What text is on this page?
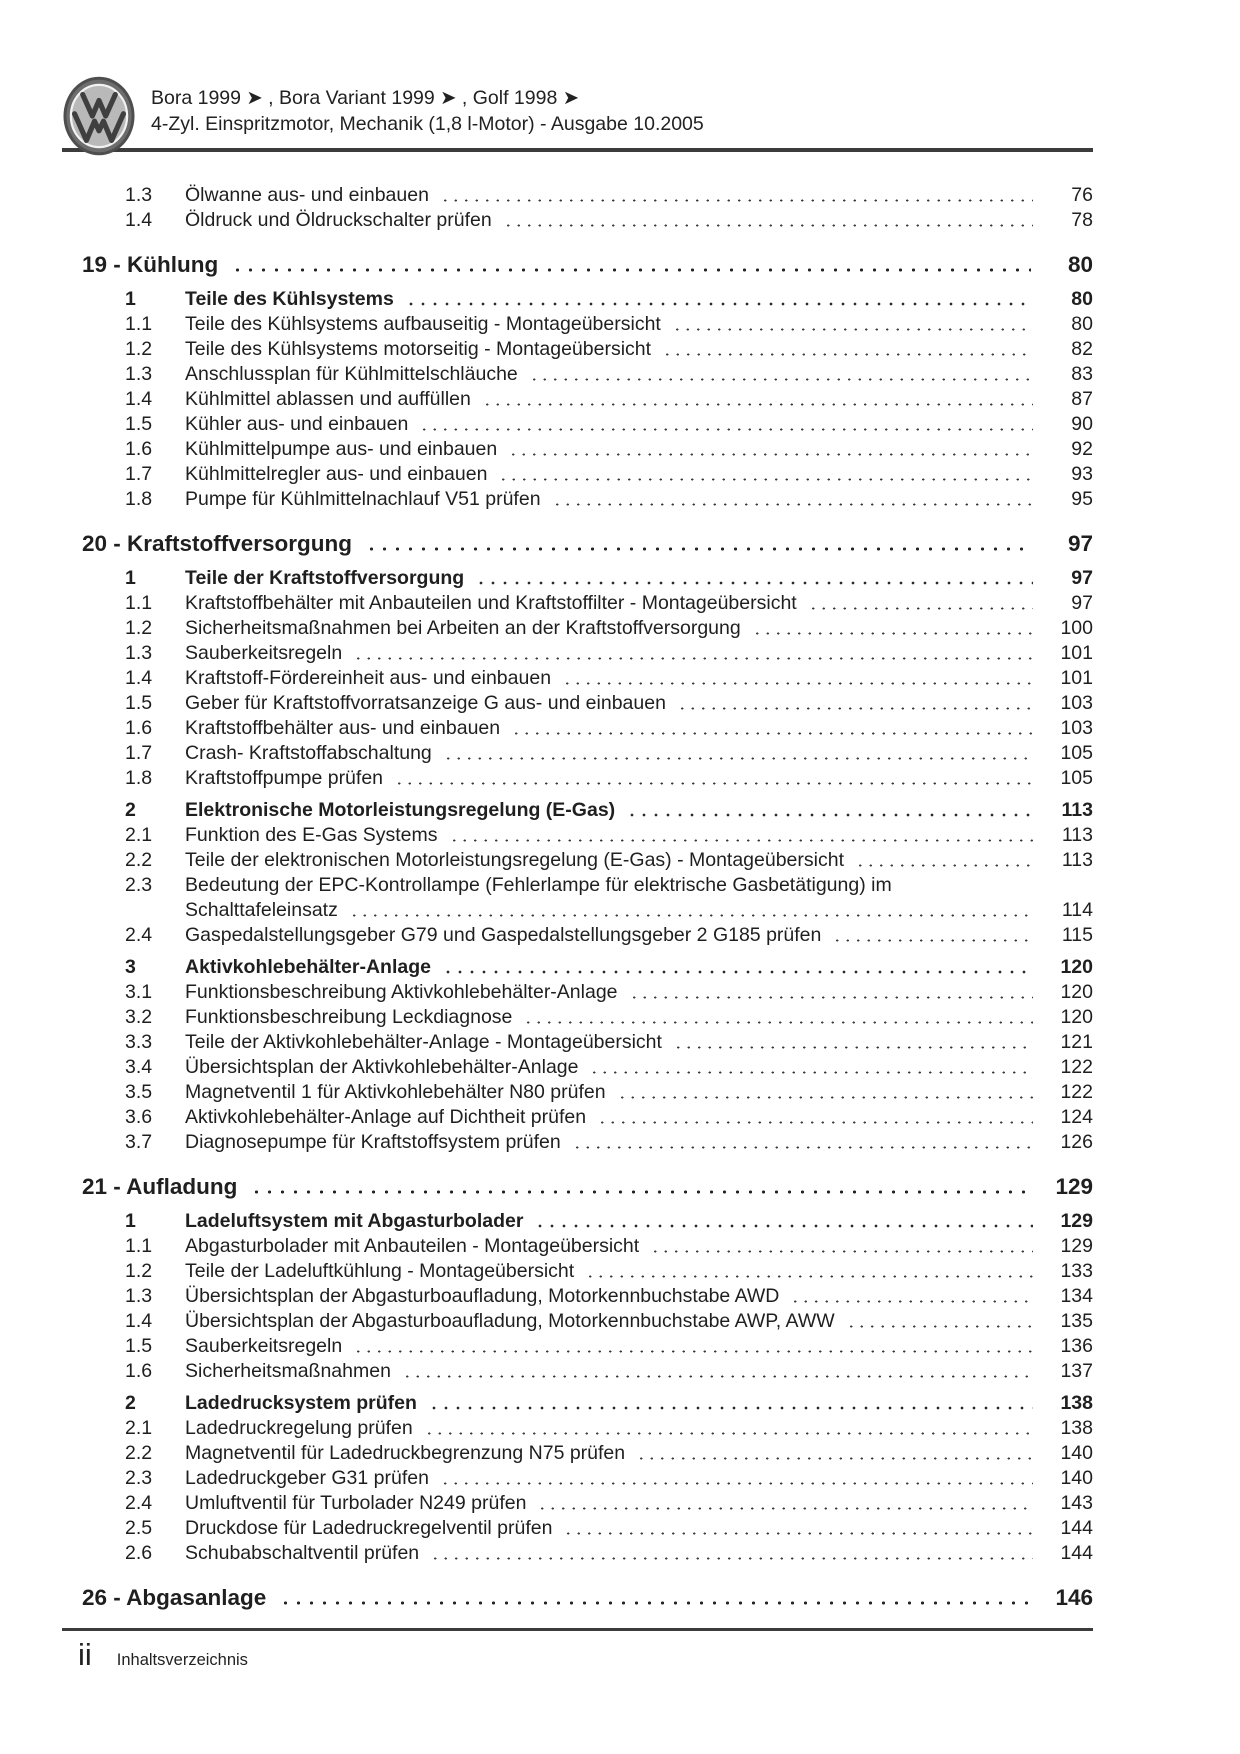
Bora 1999 ➤ , Bora Variant 1999 ➤ , Golf 1998 ➤
4-Zyl. Einspritzmotor, Mechanik (1,8 l-Motor) - Ausgabe 10.2005
1.3	Ölwanne aus- und einbauen	76
1.4	Öldruck und Öldruckschalter prüfen	78
19 - Kühlung	80
1	Teile des Kühlsystems	80
1.1	Teile des Kühlsystems aufbauseitig - Montageübersicht	80
1.2	Teile des Kühlsystems motorseitig - Montageübersicht	82
1.3	Anschlussplan für Kühlmittelschläuche	83
1.4	Kühlmittel ablassen und auffüllen	87
1.5	Kühler aus- und einbauen	90
1.6	Kühlmittelpumpe aus- und einbauen	92
1.7	Kühlmittelregler aus- und einbauen	93
1.8	Pumpe für Kühlmittelnachlauf V51 prüfen	95
20 - Kraftstoffversorgung	97
1	Teile der Kraftstoffversorgung	97
1.1	Kraftstoffbehälter mit Anbauteilen und Kraftstoffilter - Montageübersicht	97
1.2	Sicherheitsmaßnahmen bei Arbeiten an der Kraftstoffversorgung	100
1.3	Sauberkeitsregeln	101
1.4	Kraftstoff-Fördereinheit aus- und einbauen	101
1.5	Geber für Kraftstoffvorratsanzeige G aus- und einbauen	103
1.6	Kraftstoffbehälter aus- und einbauen	103
1.7	Crash- Kraftstoffabschaltung	105
1.8	Kraftstoffpumpe prüfen	105
2	Elektronische Motorleistungsregelung (E-Gas)	113
2.1	Funktion des E-Gas Systems	113
2.2	Teile der elektronischen Motorleistungsregelung (E-Gas) - Montageübersicht	113
2.3	Bedeutung der EPC-Kontrollampe (Fehlerlampe für elektrische Gasbetätigung) im
Schalttafeleinsatz	114
2.4	Gaspedalstellungsgeber G79 und Gaspedalstellungsgeber 2 G185 prüfen	115
3	Aktivkohlebehälter-Anlage	120
3.1	Funktionsbeschreibung Aktivkohlebehälter-Anlage	120
3.2	Funktionsbeschreibung Leckdiagnose	120
3.3	Teile der Aktivkohlebehälter-Anlage - Montageübersicht	121
3.4	Übersichtsplan der Aktivkohlebehälter-Anlage	122
3.5	Magnetventil 1 für Aktivkohlebehälter N80 prüfen	122
3.6	Aktivkohlebehälter-Anlage auf Dichtheit prüfen	124
3.7	Diagnosepumpe für Kraftstoffsystem prüfen	126
21 - Aufladung	129
1	Ladeluftsystem mit Abgasturbolader	129
1.1	Abgasturbolader mit Anbauteilen - Montageübersicht	129
1.2	Teile der Ladeluftkühlung - Montageübersicht	133
1.3	Übersichtsplan der Abgasturboaufladung, Motorkennbuchstabe AWD	134
1.4	Übersichtsplan der Abgasturboaufladung, Motorkennbuchstabe AWP, AWW	135
1.5	Sauberkeitsregeln	136
1.6	Sicherheitsmaßnahmen	137
2	Ladedrucksystem prüfen	138
2.1	Ladedruckregelung prüfen	138
2.2	Magnetventil für Ladedruckbegrenzung N75 prüfen	140
2.3	Ladedruckgeber G31 prüfen	140
2.4	Umluftventil für Turbolader N249 prüfen	143
2.5	Druckdose für Ladedruckregelventil prüfen	144
2.6	Schubabschaltventil prüfen	144
26 - Abgasanlage	146
ii Inhaltsverzeichnis
